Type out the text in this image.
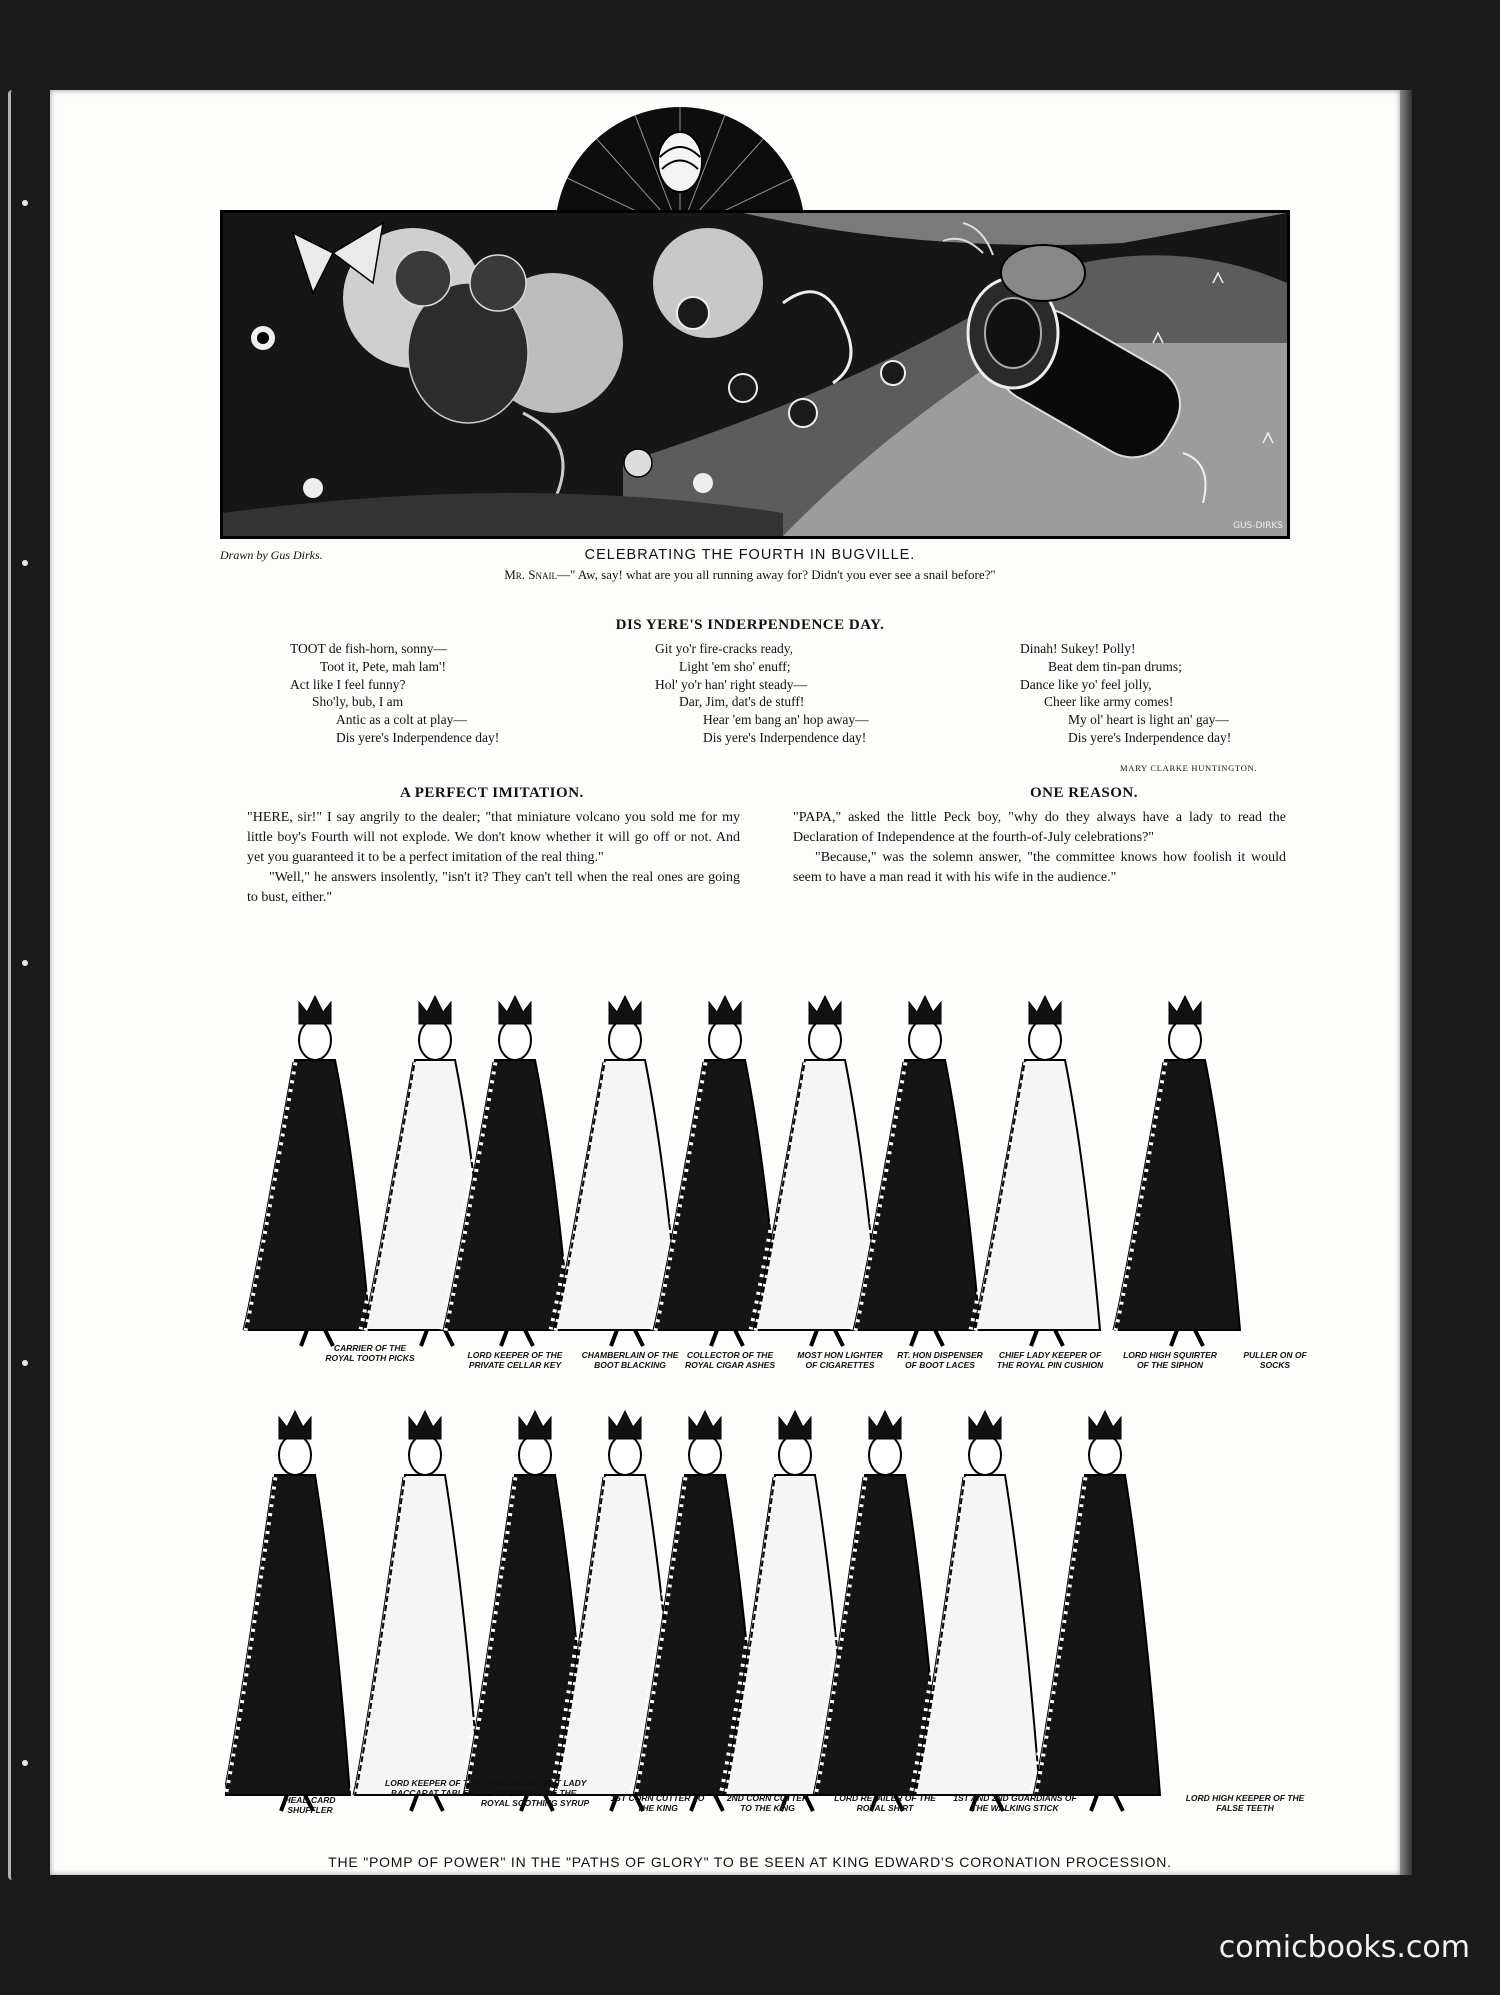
GUS-DIRKS
Drawn by Gus Dirks.	CELEBRATING THE FOURTH IN BUGVILLE.
Mr. Snail—" Aw, say! what are you all running away for? Didn't you ever see a snail before?"
DIS YERE'S INDERPENDENCE DAY.
TOOT de fish-horn, sonny—
Toot it, Pete, mah lam'!
Act like I feel funny?
Sho'ly, bub, I am
Antic as a colt at play—
Dis yere's Inderpendence day!
Git yo'r fire-cracks ready,
Light 'em sho' enuff;
Hol' yo'r han' right steady—
Dar, Jim, dat's de stuff!
Hear 'em bang an' hop away—
Dis yere's Inderpendence day!
Dinah! Sukey! Polly!
Beat dem tin-pan drums;
Dance like yo' feel jolly,
Cheer like army comes!
My ol' heart is light an' gay—
Dis yere's Inderpendence day!
MARY CLARKE HUNTINGTON.
A PERFECT IMITATION.

"HERE, sir!" I say angrily to the dealer; "that miniature volcano you sold me for my little boy's Fourth will not explode. We don't know whether it will go off or not. And yet you guaranteed it to be a perfect imitation of the real thing."

"Well," he answers insolently, "isn't it? They can't tell when the real ones are going to bust, either."

ONE REASON.

"PAPA," asked the little Peck boy, "why do they always have a lady to read the Declaration of Independence at the fourth-of-July celebrations?"

"Because," was the solemn answer, "the committee knows how foolish it would seem to have a man read it with his wife in the audience."

CARRIER OF THE ROYAL TOOTH PICKS	LORD KEEPER OF THE PRIVATE CELLAR KEY
CHAMBERLAIN OF THE BOOT BLACKING
COLLECTOR OF THE ROYAL CIGAR ASHES
MOST HON LIGHTER OF CIGARETTES
RT. HON DISPENSER OF BOOT LACES
CHIEF LADY KEEPER OF THE ROYAL PIN CUSHION
LORD HIGH SQUIRTER OF THE SIPHON
PULLER ON OF SOCKS
HEAD CARD SHUFFLER
LORD KEEPER OF THE BACCARAT TABLES
MOST EXCELLENT LADY DISPENSER OF THE ROYAL SOOTHING SYRUP	1ST CORN CUTTER TO THE KING
2ND CORN CUTTER TO THE KING
LORD RETAILER OF THE ROYAL SHIRT
1ST AND 2ND GUARDIANS OF THE WALKING STICK
LORD HIGH KEEPER OF THE FALSE TEETH
THE "POMP OF POWER" IN THE "PATHS OF GLORY" TO BE SEEN AT KING EDWARD'S CORONATION PROCESSION.
comicbooks.com
